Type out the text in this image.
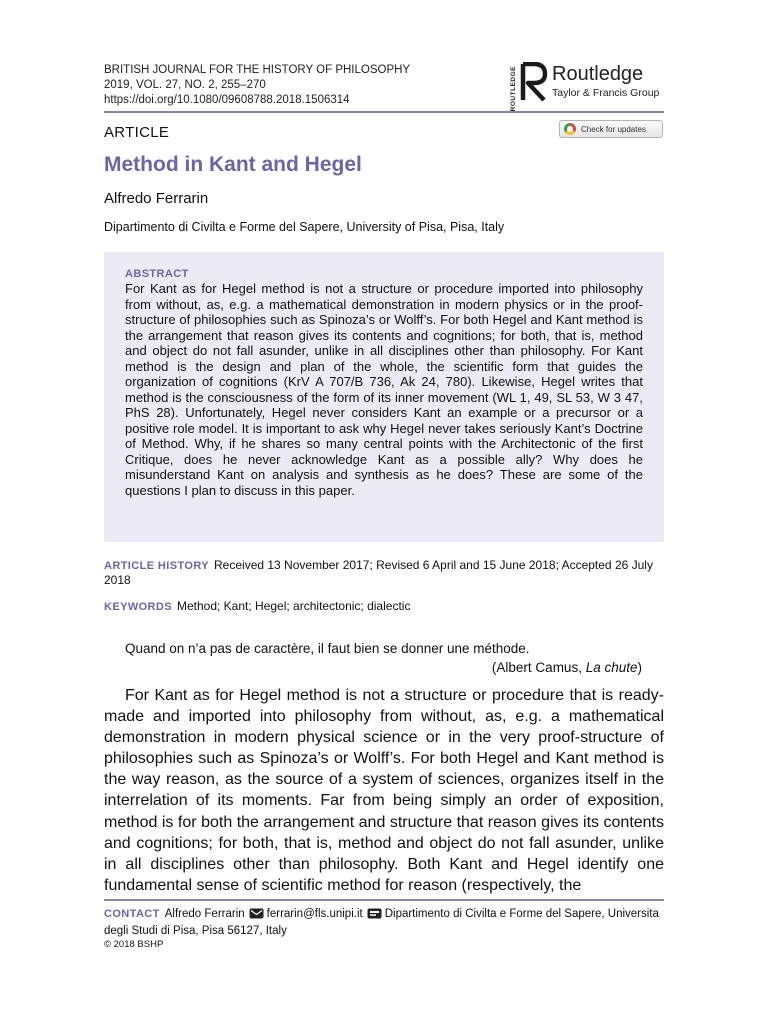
BRITISH JOURNAL FOR THE HISTORY OF PHILOSOPHY
2019, VOL. 27, NO. 2, 255–270
https://doi.org/10.1080/09608788.2018.1506314	ROUTLEDGE Routledge
Taylor & Francis Group
ARTICLE	Check for updates
Method in Kant and Hegel
Alfredo Ferrarin
Dipartimento di Civilta e Forme del Sapere, University of Pisa, Pisa, Italy
ABSTRACT
For Kant as for Hegel method is not a structure or procedure imported into philosophy from without, as, e.g. a mathematical demonstration in modern physics or in the proof-structure of philosophies such as Spinoza’s or Wolff’s. For both Hegel and Kant method is the arrangement that reason gives its contents and cognitions; for both, that is, method and object do not fall asunder, unlike in all disciplines other than philosophy. For Kant method is the design and plan of the whole, the scientific form that guides the organization of cognitions (KrV A 707/B 736, Ak 24, 780). Likewise, Hegel writes that method is the consciousness of the form of its inner movement (WL 1, 49, SL 53, W 3 47, PhS 28). Unfortunately, Hegel never considers Kant an example or a precursor or a positive role model. It is important to ask why Hegel never takes seriously Kant’s Doctrine of Method. Why, if he shares so many central points with the Architectonic of the first Critique, does he never acknowledge Kant as a possible ally? Why does he misunderstand Kant on analysis and synthesis as he does? These are some of the questions I plan to discuss in this paper.
ARTICLE HISTORY Received 13 November 2017; Revised 6 April and 15 June 2018; Accepted 26 July 2018
KEYWORDS Method; Kant; Hegel; architectonic; dialectic
Quand on n’a pas de caractère, il faut bien se donner une méthode.
(Albert Camus, La chute)
For Kant as for Hegel method is not a structure or procedure that is ready-made and imported into philosophy from without, as, e.g. a mathematical demonstration in modern physical science or in the very proof-structure of philosophies such as Spinoza’s or Wolff’s. For both Hegel and Kant method is the way reason, as the source of a system of sciences, organizes itself in the interrelation of its moments. Far from being simply an order of exposition, method is for both the arrangement and structure that reason gives its contents and cognitions; for both, that is, method and object do not fall asunder, unlike in all disciplines other than philosophy. Both Kant and Hegel identify one fundamental sense of scientific method for reason (respectively, the
CONTACT Alfredo Ferrarin ferrarin@fls.unipi.it Dipartimento di Civilta e Forme del Sapere, Universita degli Studi di Pisa, Pisa 56127, Italy
© 2018 BSHP
